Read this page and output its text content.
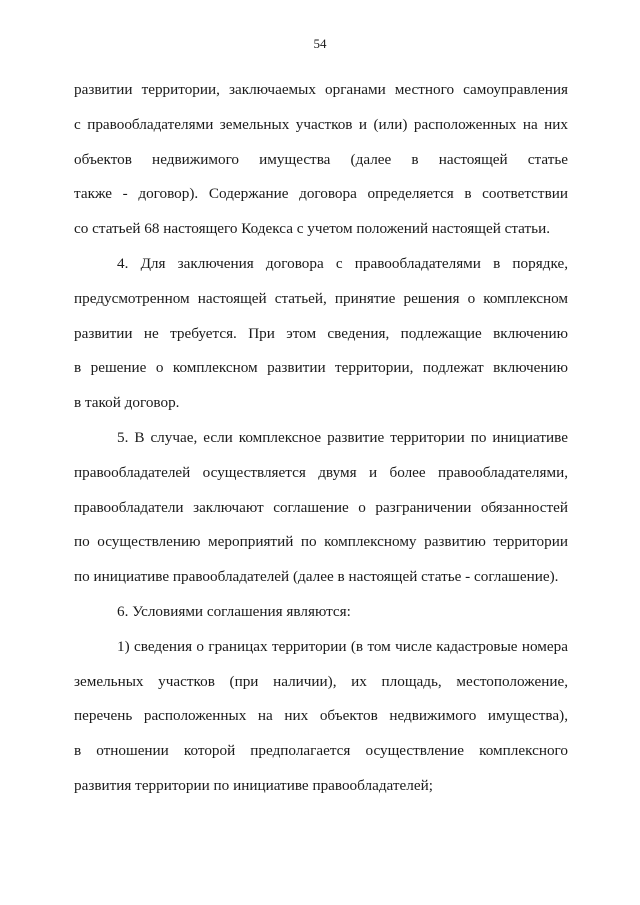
54

развитии территории, заключаемых органами местного самоуправления

с правообладателями земельных участков и (или) расположенных на них

объектов недвижимого имущества (далее в настоящей статье

также - договор). Содержание договора определяется в соответствии

со статьей 68 настоящего Кодекса с учетом положений настоящей статьи.

4. Для заключения договора с правообладателями в порядке,

предусмотренном настоящей статьей, принятие решения о комплексном

развитии не требуется. При этом сведения, подлежащие включению

в решение о комплексном развитии территории, подлежат включению

в такой договор.

5. В случае, если комплексное развитие территории по инициативе

правообладателей осуществляется двумя и более правообладателями,

правообладатели заключают соглашение о разграничении обязанностей

по осуществлению мероприятий по комплексному развитию территории

по инициативе правообладателей (далее в настоящей статье - соглашение).

6. Условиями соглашения являются:

1) сведения о границах территории (в том числе кадастровые номера

земельных участков (при наличии), их площадь, местоположение,

перечень расположенных на них объектов недвижимого имущества),

в отношении которой предполагается осуществление комплексного

развития территории по инициативе правообладателей;
